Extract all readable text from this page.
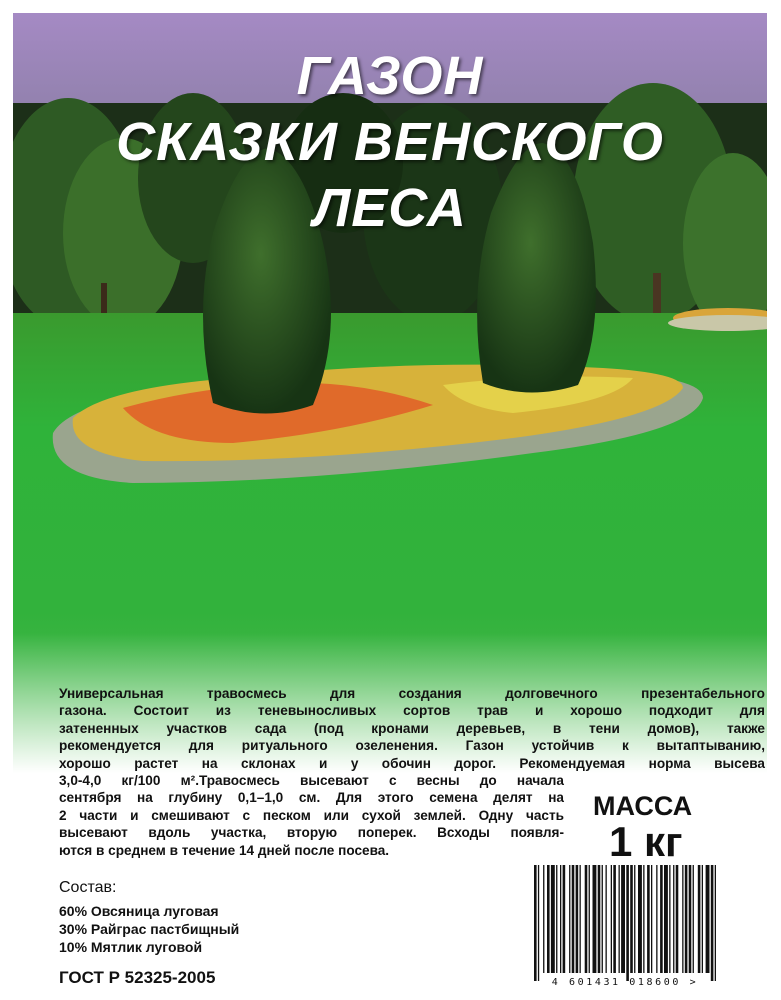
ГАЗОН
СКАЗКИ ВЕНСКОГО
ЛЕСА
Универсальная травосмесь для создания долговечного презентабельного
газона. Состоит из теневыносливых сортов трав и хорошо подходит для
затененных участков сада (под кронами деревьев, в тени домов), также
рекомендуется для ритуального озеленения. Газон устойчив к вытаптыванию,
хорошо растет на склонах и у обочин дорог. Рекомендуемая норма высева
3,0-4,0 кг/100 м².Травосмесь высевают с весны до начала
сентября на глубину 0,1–1,0 см. Для этого семена делят на
2 части и смешивают с песком или сухой землей. Одну часть
высевают вдоль участка, вторую поперек. Всходы появля-
ются в среднем в течение 14 дней после посева.
МАССА
1 кг
Состав:
60% Овсяница луговая
30% Райграс пастбищный
10% Мятлик луговой
ГОСТ Р 52325-2005	4 601431 018600 >
